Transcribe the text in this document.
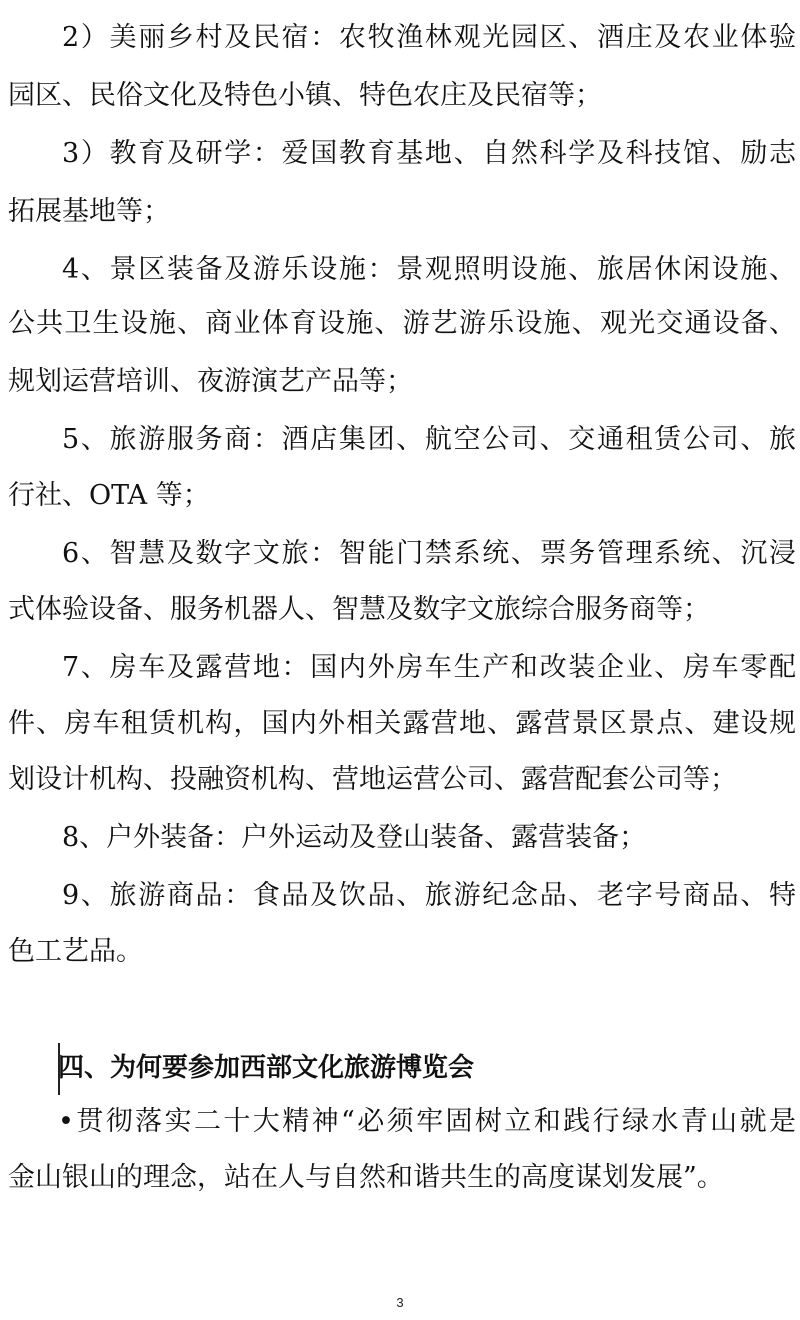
2）美丽乡村及民宿：农牧渔林观光园区、酒庄及农业体验
园区、民俗文化及特色小镇、特色农庄及民宿等；
3）教育及研学：爱国教育基地、自然科学及科技馆、励志
拓展基地等；
4、景区装备及游乐设施：景观照明设施、旅居休闲设施、
公共卫生设施、商业体育设施、游艺游乐设施、观光交通设备、
规划运营培训、夜游演艺产品等；
5、旅游服务商：酒店集团、航空公司、交通租赁公司、旅
行社、OTA 等；
6、智慧及数字文旅：智能门禁系统、票务管理系统、沉浸
式体验设备、服务机器人、智慧及数字文旅综合服务商等；
7、房车及露营地：国内外房车生产和改装企业、房车零配
件、房车租赁机构，国内外相关露营地、露营景区景点、建设规
划设计机构、投融资机构、营地运营公司、露营配套公司等；
8、户外装备：户外运动及登山装备、露营装备；
9、旅游商品：食品及饮品、旅游纪念品、老字号商品、特
色工艺品。
四、为何要参加西部文化旅游博览会
•贯彻落实二十大精神“必须牢固树立和践行绿水青山就是
金山银山的理念，站在人与自然和谐共生的高度谋划发展”。
3
